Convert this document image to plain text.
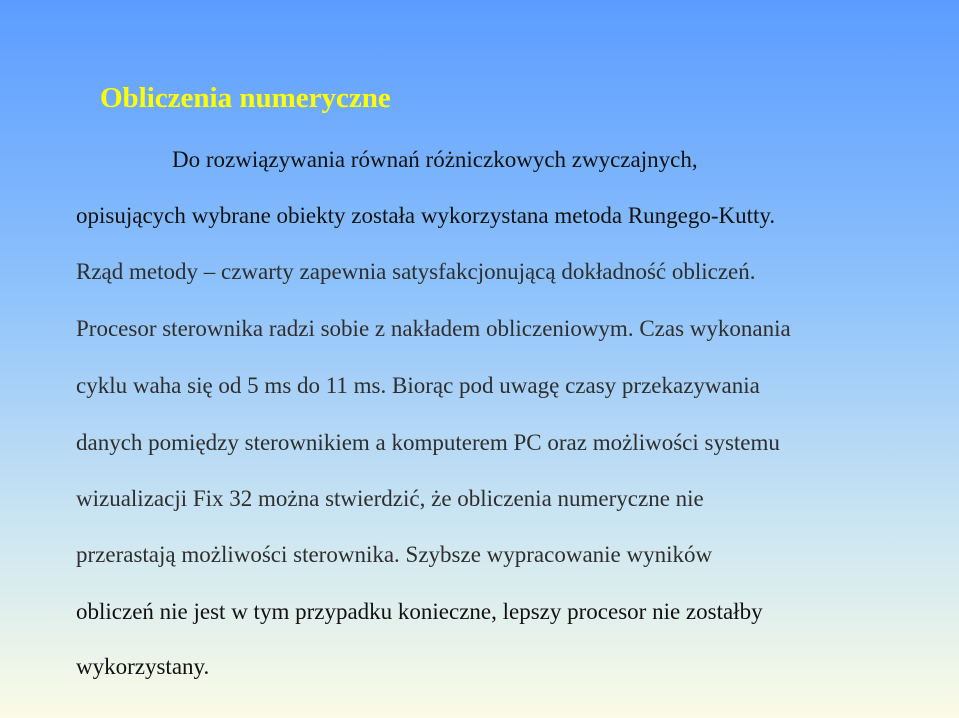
Obliczenia numeryczne

Do rozwiązywania równań różniczkowych zwyczajnych,

opisujących wybrane obiekty została wykorzystana metoda Rungego-Kutty.

Rząd metody – czwarty zapewnia satysfakcjonującą dokładność obliczeń.

Procesor sterownika radzi sobie z nakładem obliczeniowym. Czas wykonania

cyklu waha się od 5 ms do 11 ms. Biorąc pod uwagę czasy przekazywania

danych pomiędzy sterownikiem a komputerem PC oraz możliwości systemu

wizualizacji Fix 32 można stwierdzić, że obliczenia numeryczne nie

przerastają możliwości sterownika. Szybsze wypracowanie wyników

obliczeń nie jest w tym przypadku konieczne, lepszy procesor nie zostałby

wykorzystany.
